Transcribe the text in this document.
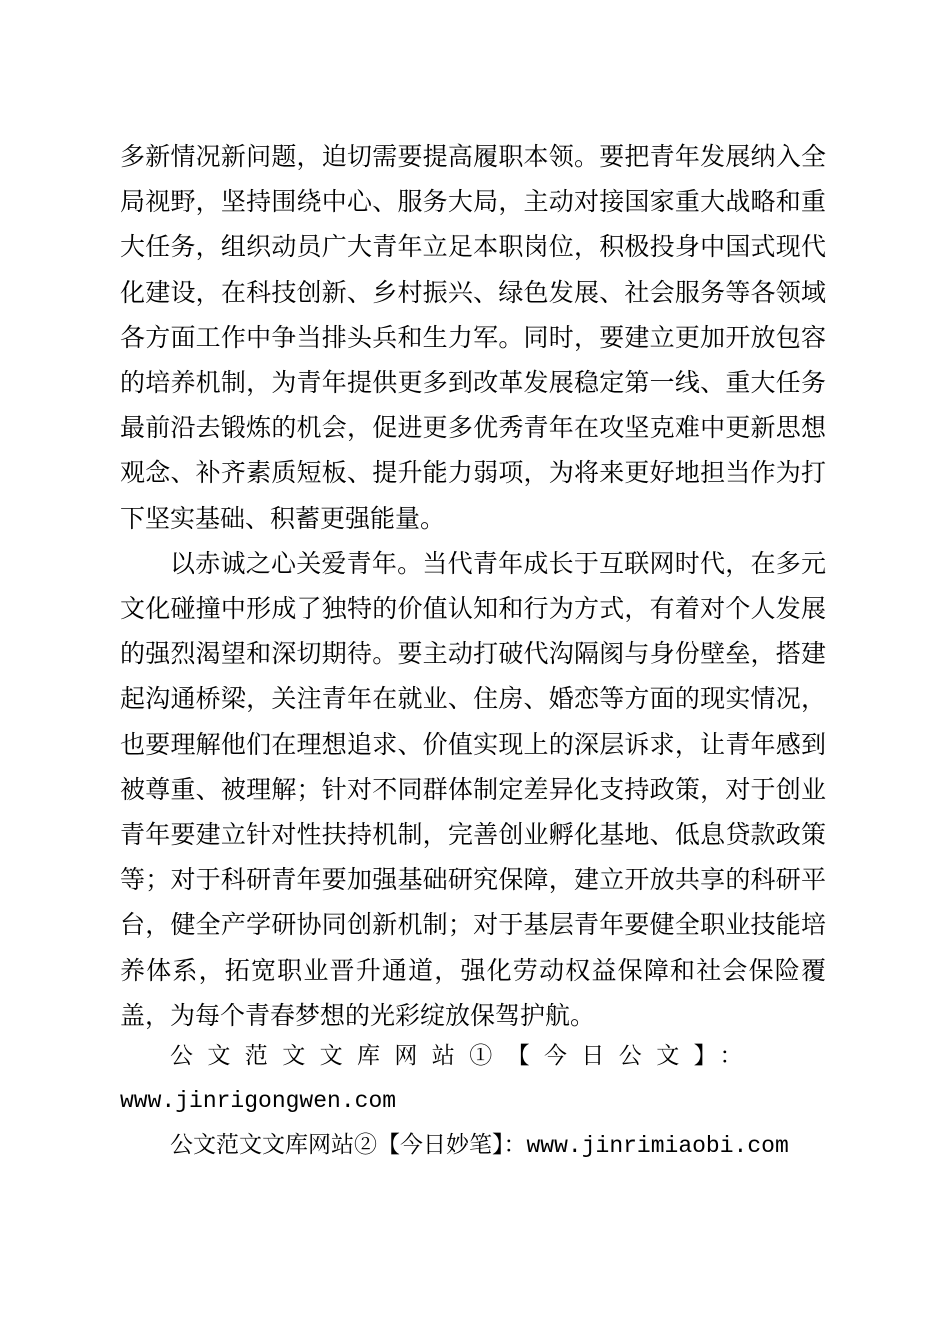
多新情况新问题，迫切需要提高履职本领。要把青年发展纳入全局视野，坚持围绕中心、服务大局，主动对接国家重大战略和重大任务，组织动员广大青年立足本职岗位，积极投身中国式现代化建设，在科技创新、乡村振兴、绿色发展、社会服务等各领域各方面工作中争当排头兵和生力军。同时，要建立更加开放包容的培养机制，为青年提供更多到改革发展稳定第一线、重大任务最前沿去锻炼的机会，促进更多优秀青年在攻坚克难中更新思想观念、补齐素质短板、提升能力弱项，为将来更好地担当作为打下坚实基础、积蓄更强能量。

以赤诚之心关爱青年。当代青年成长于互联网时代，在多元文化碰撞中形成了独特的价值认知和行为方式，有着对个人发展的强烈渴望和深切期待。要主动打破代沟隔阂与身份壁垒，搭建起沟通桥梁，关注青年在就业、住房、婚恋等方面的现实情况，也要理解他们在理想追求、价值实现上的深层诉求，让青年感到被尊重、被理解；针对不同群体制定差异化支持政策，对于创业青年要建立针对性扶持机制，完善创业孵化基地、低息贷款政策等；对于科研青年要加强基础研究保障，建立开放共享的科研平台，健全产学研协同创新机制；对于基层青年要健全职业技能培养体系，拓宽职业晋升通道，强化劳动权益保障和社会保险覆盖，为每个青春梦想的光彩绽放保驾护航。

公文范文文库网站①【今日公文】：

www.jinrigongwen.com

公文范文文库网站②【今日妙笔】：www.jinrimiaobi.com
